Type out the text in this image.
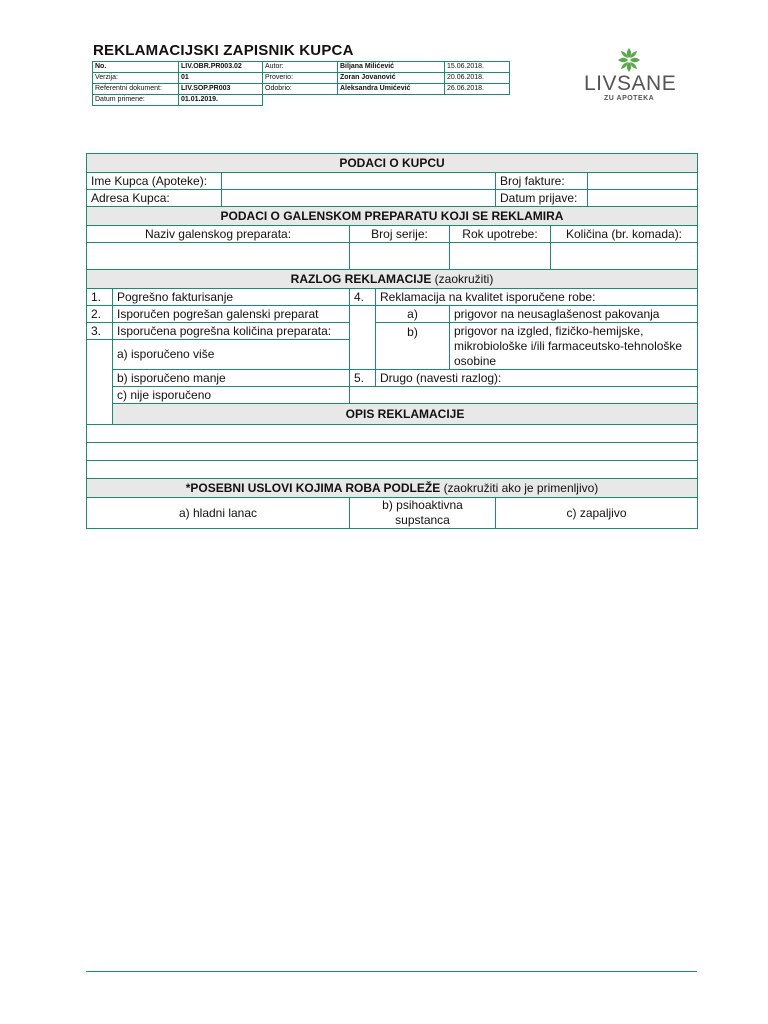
REKLAMACIJSKI ZAPISNIK KUPCA
No.	LIV.OBR.PR003.02	Autor:	Biljana Milićević	15.06.2018.
Verzija:	01	Proverio:	Zoran Jovanović	20.06.2018.
Referentni dokument:	LIV.SOP.PR003	Odobrio:	Aleksandra Umićević	26.06.2018.
Datum primene:	01.01.2019.			
LIVSANE
ZU APOTEKA
PODACI O KUPCU								
Ime Kupca (Apoteke):						Broj fakture:		
Adresa Kupca:						Datum prijave:		
PODACI O GALENSKOM PREPARATU KOJI SE REKLAMIRA								
Naziv galenskog preparata:			Broj serije:		Rok upotrebe:		Količina (br. komada):	

RAZLOG REKLAMACIJE (zaokružiti)								
1.	Pogrešno fakturisanje		4.	Reklamacija na kvalitet isporučene robe:				
2.	Isporučen pogrešan galenski preparat			a)	prigovor na neusaglašenost pakovanja			
3.	Isporučena pogrešna količina preparata:			b)	prigovor na izgled, fizičko-hemijske, mikrobiološke i/ili farmaceutsko-tehnološke osobine			
	a) isporučeno više							
	b) isporučeno manje		5.	Drugo (navesti razlog):				
	c) nije isporučeno							
	OPIS REKLAMACIJE							

*POSEBNI USLOVI KOJIMA ROBA PODLEŽE (zaokružiti ako je primenljivo)								
a) hladni lanac			b) psihoaktivna supstanca			c) zapaljivo		
